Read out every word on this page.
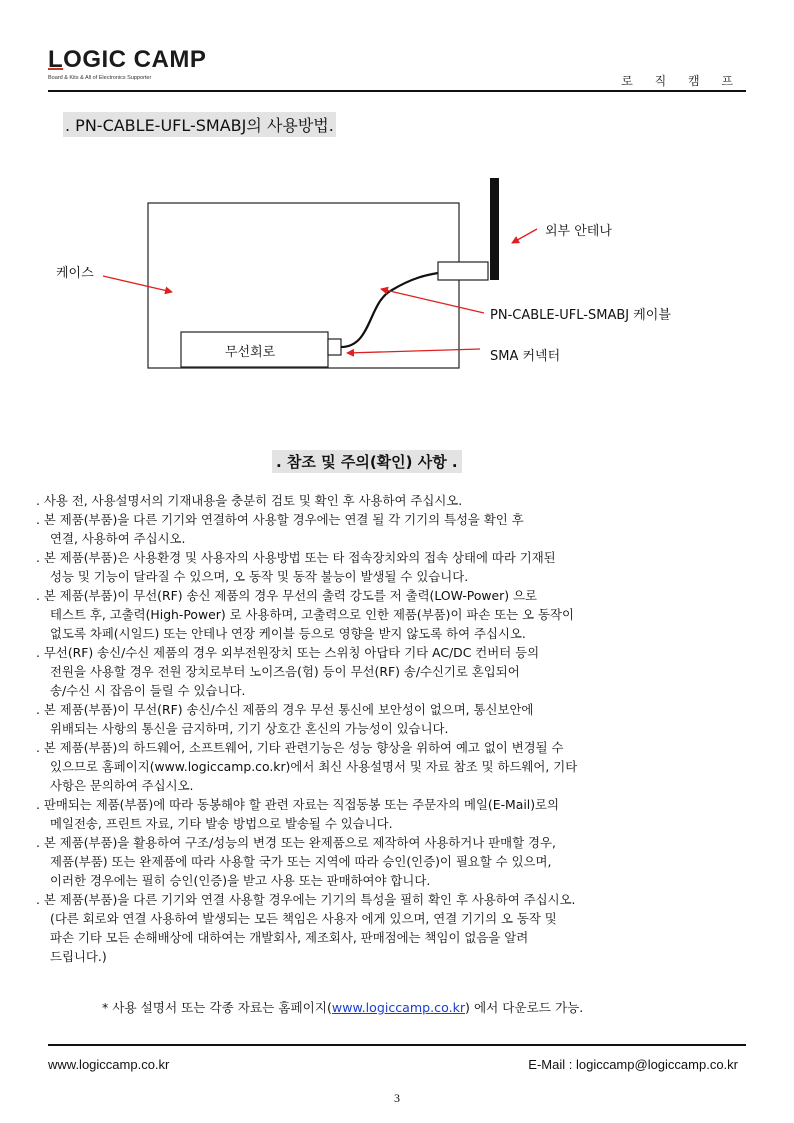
LOGIC CAMP
Board & Kits & All of Electronics Supporter	로 직 캠 프
. PN-CABLE-UFL-SMABJ의 사용방법.
케이스
외부 안테나
PN-CABLE-UFL-SMABJ 케이블
SMA 커넥터
무선회로
. 참조 및 주의(확인) 사항 .
. 사용 전, 사용설명서의 기재내용을 충분히 검토 및 확인 후 사용하여 주십시오.
. 본 제품(부품)을 다른 기기와 연결하여 사용할 경우에는 연결 될 각 기기의 특성을 확인 후
연결, 사용하여 주십시오.
. 본 제품(부품)은 사용환경 및 사용자의 사용방법 또는 타 접속장치와의 접속 상태에 따라 기재된
성능 및 기능이 달라질 수 있으며, 오 동작 및 동작 불능이 발생될 수 있습니다.
. 본 제품(부품)이 무선(RF) 송신 제품의 경우 무선의 출력 강도를 저 출력(LOW-Power) 으로
테스트 후, 고출력(High-Power) 로 사용하며, 고출력으로 인한 제품(부품)이 파손 또는 오 동작이
없도록 차페(시일드) 또는 안테나 연장 케이블 등으로 영향을 받지 않도록 하여 주십시오.
. 무선(RF) 송신/수신 제품의 경우 외부전원장치 또는 스위칭 아답타 기타 AC/DC 컨버터 등의
전원을 사용할 경우 전원 장치로부터 노이즈음(험) 등이 무선(RF) 송/수신기로 혼입되어
송/수신 시 잡음이 들릴 수 있습니다.
. 본 제품(부품)이 무선(RF) 송신/수신 제품의 경우 무선 통신에 보안성이 없으며, 통신보안에
위배되는 사항의 통신을 금지하며, 기기 상호간 혼신의 가능성이 있습니다.
. 본 제품(부품)의 하드웨어, 소프트웨어, 기타 관련기능은 성능 향상을 위하여 예고 없이 변경될 수
있으므로 홈페이지(www.logiccamp.co.kr)에서 최신 사용설명서 및 자료 참조 및 하드웨어, 기타
사항은 문의하여 주십시오.
. 판매되는 제품(부품)에 따라 동봉해야 할 관련 자료는 직접동봉 또는 주문자의 메일(E-Mail)로의
메일전송, 프린트 자료, 기타 발송 방법으로 발송될 수 있습니다.
. 본 제품(부품)을 활용하여 구조/성능의 변경 또는 완제품으로 제작하여 사용하거나 판매할 경우,
제품(부품) 또는 완제품에 따라 사용할 국가 또는 지역에 따라 승인(인증)이 필요할 수 있으며,
이러한 경우에는 필히 승인(인증)을 받고 사용 또는 판매하여야 합니다.
. 본 제품(부품)을 다른 기기와 연결 사용할 경우에는 기기의 특성을 필히 확인 후 사용하여 주십시오.
(다른 회로와 연결 사용하여 발생되는 모든 책임은 사용자 에게 있으며, 연결 기기의 오 동작 및
파손 기타 모든 손해배상에 대하여는 개발회사, 제조회사, 판매점에는 책임이 없음을 알려
드립니다.)
* 사용 설명서 또는 각종 자료는 홈페이지(www.logiccamp.co.kr) 에서 다운로드 가능.
www.logiccamp.co.kr	E-Mail : logiccamp@logiccamp.co.kr
3
